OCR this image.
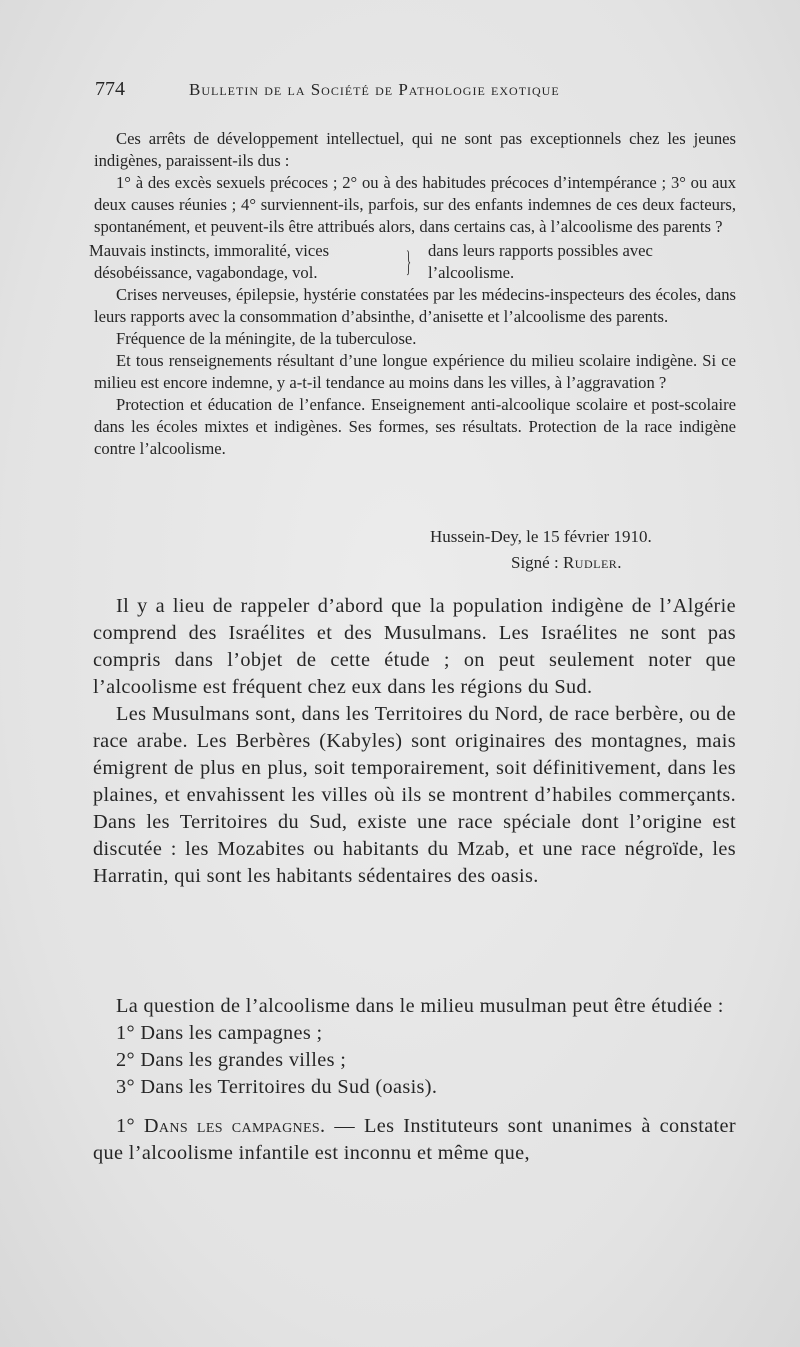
774	Bulletin de la Société de Pathologie exotique

Ces arrêts de développement intellectuel, qui ne sont pas exceptionnels chez les jeunes indigènes, paraissent-ils dus :

1° à des excès sexuels précoces ; 2° ou à des habitudes précoces d’intempérance ; 3° ou aux deux causes réunies ; 4° surviennent-ils, parfois, sur des enfants indemnes de ces deux facteurs, spontanément, et peuvent-ils être attribués alors, dans certains cas, à l’alcoolisme des parents ?

Mauvais instincts, immoralité, vices
désobéissance, vagabondage, vol.	} dans leurs rapports possibles avec
l’alcoolisme.

Crises nerveuses, épilepsie, hystérie constatées par les médecins-inspecteurs des écoles, dans leurs rapports avec la consommation d’absinthe, d’anisette et l’alcoolisme des parents.

Fréquence de la méningite, de la tuberculose.

Et tous renseignements résultant d’une longue expérience du milieu scolaire indigène. Si ce milieu est encore indemne, y a-t-il tendance au moins dans les villes, à l’aggravation ?

Protection et éducation de l’enfance. Enseignement anti-alcoolique scolaire et post-scolaire dans les écoles mixtes et indigènes. Ses formes, ses résultats. Protection de la race indigène contre l’alcoolisme.

Hussein-Dey, le 15 février 1910.
Signé : Rudler.

Il y a lieu de rappeler d’abord que la population indigène de l’Algérie comprend des Israélites et des Musulmans. Les Israélites ne sont pas compris dans l’objet de cette étude ; on peut seulement noter que l’alcoolisme est fréquent chez eux dans les régions du Sud.

Les Musulmans sont, dans les Territoires du Nord, de race berbère, ou de race arabe. Les Berbères (Kabyles) sont originaires des montagnes, mais émigrent de plus en plus, soit temporairement, soit définitivement, dans les plaines, et envahissent les villes où ils se montrent d’habiles commerçants. Dans les Territoires du Sud, existe une race spéciale dont l’origine est discutée : les Mozabites ou habitants du Mzab, et une race négroïde, les Harratin, qui sont les habitants sédentaires des oasis.

La question de l’alcoolisme dans le milieu musulman peut être étudiée :

1° Dans les campagnes ;
2° Dans les grandes villes ;
3° Dans les Territoires du Sud (oasis).

1° Dans les campagnes. — Les Instituteurs sont unanimes à constater que l’alcoolisme infantile est inconnu et même que,
